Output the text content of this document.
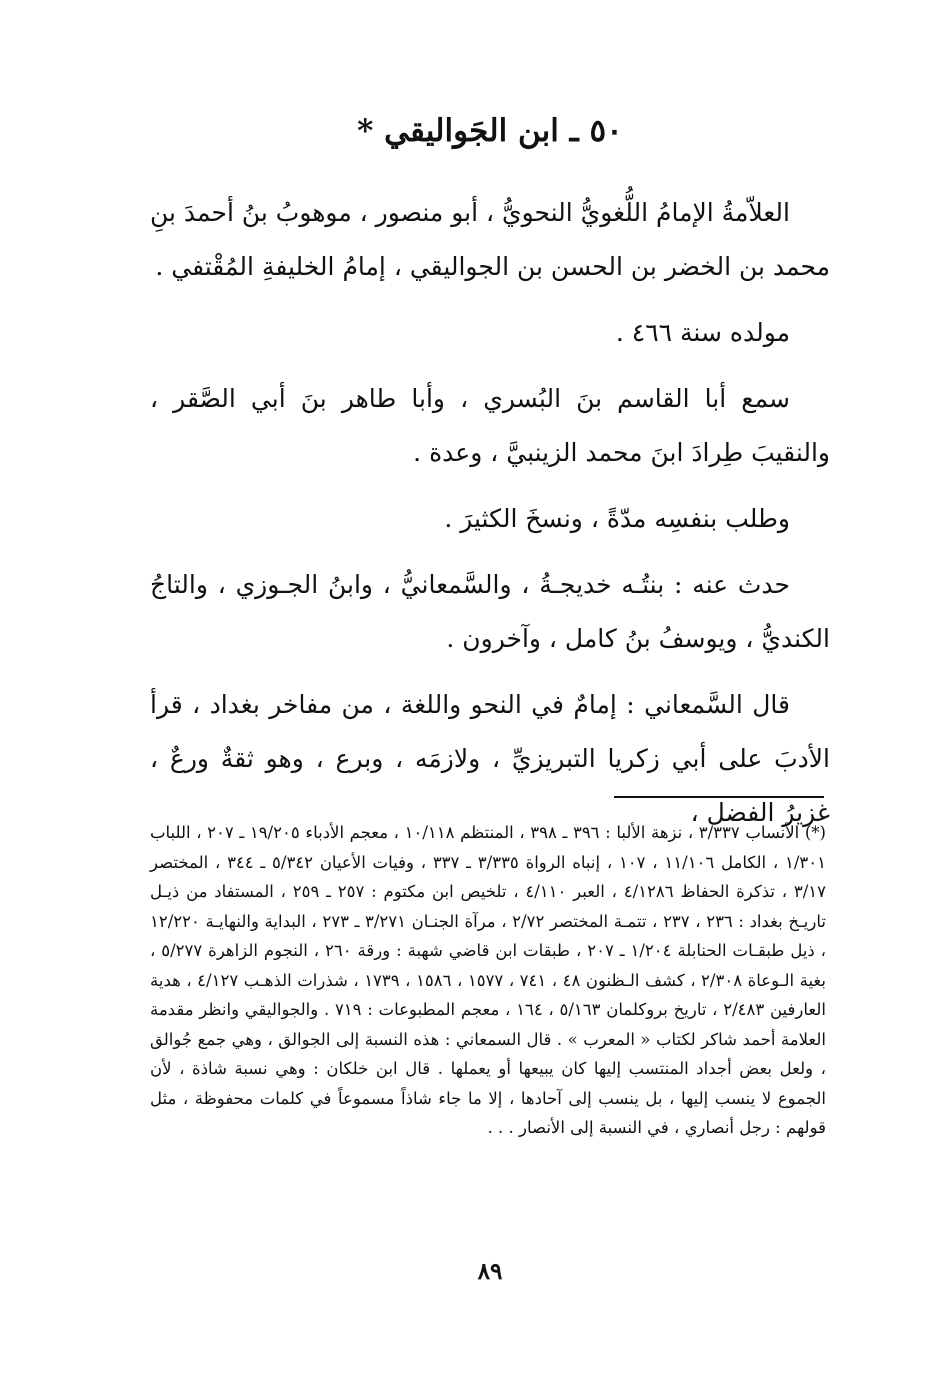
٥٠ ـ ابن الجَواليقي *

العلاّمةُ الإمامُ اللُّغويُّ النحويُّ ، أبو منصور ، موهوبُ بنُ أحمدَ بنِ محمد بن الخضر بن الحسن بن الجواليقي ، إمامُ الخليفةِ المُقْتفي .

مولده سنة ٤٦٦ .

سمع أبا القاسم بنَ البُسري ، وأبا طاهر بنَ أبي الصَّقر ، والنقيبَ طِرادَ ابنَ محمد الزينبيَّ ، وعدة .

وطلب بنفسِه مدّةً ، ونسخَ الكثيرَ .

حدث عنه : بنتُـه خديجـةُ ، والسَّمعانيُّ ، وابنُ الجـوزي ، والتاجُ الكنديُّ ، ويوسفُ بنُ كامل ، وآخرون .

قال السَّمعاني : إمامٌ في النحو واللغة ، من مفاخر بغداد ، قرأ الأدبَ على أبي زكريا التبريزيِّ ، ولازمَه ، وبرع ، وهو ثقةٌ ورعٌ ، غزيرُ الفضل ،

(*) الأنساب ٣/٣٣٧ ، نزهة الألبا : ٣٩٦ ـ ٣٩٨ ، المنتظم ١٠/١١٨ ، معجم الأدباء ١٩/٢٠٥ ـ ٢٠٧ ، اللباب ١/٣٠١ ، الكامل ١١/١٠٦ ، ١٠٧ ، إنباه الرواة ٣/٣٣٥ ـ ٣٣٧ ، وفيات الأعيان ٥/٣٤٢ ـ ٣٤٤ ، المختصر ٣/١٧ ، تذكرة الحفاظ ٤/١٢٨٦ ، العبر ٤/١١٠ ، تلخيص ابن مكتوم : ٢٥٧ ـ ٢٥٩ ، المستفاد من ذيـل تاريـخ بغداد : ٢٣٦ ، ٢٣٧ ، تتمـة المختصر ٢/٧٢ ، مرآة الجنـان ٣/٢٧١ ـ ٢٧٣ ، البداية والنهايـة ١٢/٢٢٠ ، ذيل طبقـات الحنابلة ١/٢٠٤ ـ ٢٠٧ ، طبقات ابن قاضي شهبة : ورقة ٢٦٠ ، النجوم الزاهرة ٥/٢٧٧ ، بغية الـوعاة ٢/٣٠٨ ، كشف الـظنون ٤٨ ، ٧٤١ ، ١٥٧٧ ، ١٥٨٦ ، ١٧٣٩ ، شذرات الذهـب ٤/١٢٧ ، هدية العارفين ٢/٤٨٣ ، تاريخ بروكلمان ٥/١٦٣ ، ١٦٤ ، معجم المطبوعات : ٧١٩ . والجواليقي وانظر مقدمة العلامة أحمد شاكر لكتاب « المعرب » . قال السمعاني : هذه النسبة إلى الجوالق ، وهي جمع جُوالق ، ولعل بعض أجداد المنتسب إليها كان يبيعها أو يعملها . قال ابن خلكان : وهي نسبة شاذة ، لأن الجموع لا ينسب إليها ، بل ينسب إلى آحادها ، إلا ما جاء شاذاً مسموعاً في كلمات محفوظة ، مثل قولهم : رجل أنصاري ، في النسبة إلى الأنصار . . .
٨٩
